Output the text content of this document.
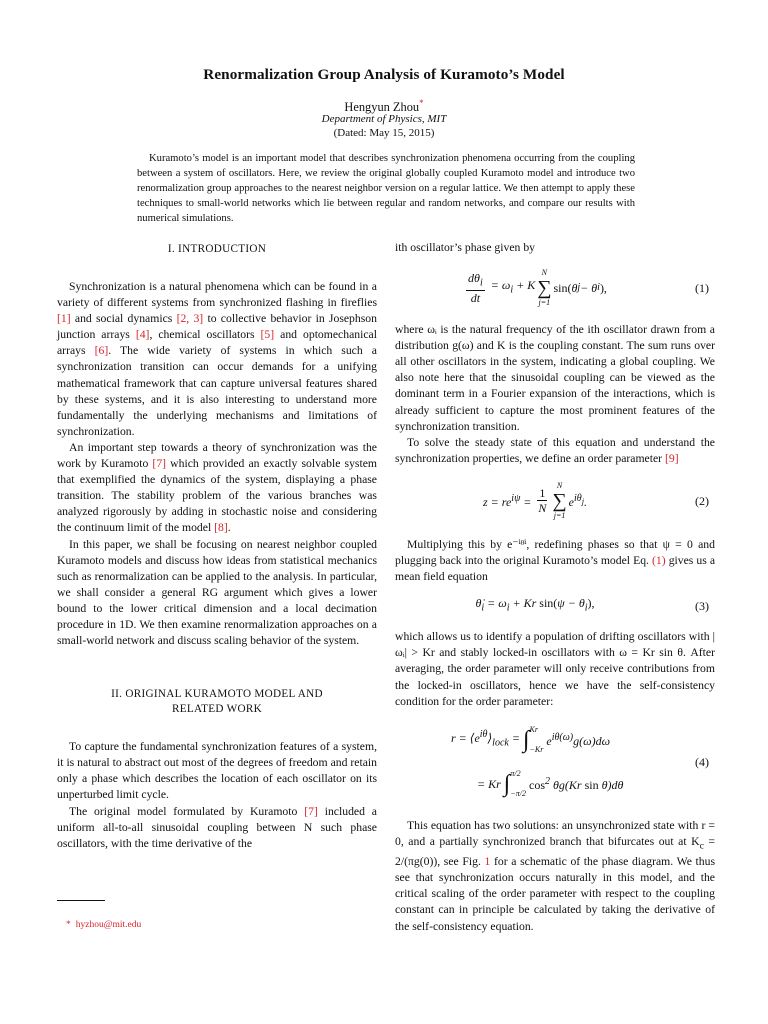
Renormalization Group Analysis of Kuramoto’s Model
Hengyun Zhou*
Department of Physics, MIT
(Dated: May 15, 2015)

Kuramoto’s model is an important model that describes synchronization phenomena occurring from the coupling between a system of oscillators. Here, we review the original globally coupled Kuramoto model and introduce two renormalization group approaches to the nearest neighbor version on a regular lattice. We then attempt to apply these techniques to small-world networks which lie between regular and random networks, and compare our results with numerical simulations.

I. INTRODUCTION

Synchronization is a natural phenomena which can be found in a variety of different systems from synchronized flashing in fireflies [1] and social dynamics [2, 3] to collective behavior in Josephson junction arrays [4], chemical oscillators [5] and optomechanical arrays [6]. The wide variety of systems in which such a synchronization transition can occur demands for a unifying mathematical framework that can capture universal features shared by these systems, and it is also interesting to understand more fundamentally the underlying mechanisms and limitations of synchronization.

An important step towards a theory of synchronization was the work by Kuramoto [7] which provided an exactly solvable system that exemplified the dynamics of the system, displaying a phase transition. The stability problem of the various branches was analyzed rigorously by adding in stochastic noise and considering the continuum limit of the model [8].

In this paper, we shall be focusing on nearest neighbor coupled Kuramoto models and discuss how ideas from statistical mechanics such as renormalization can be applied to the analysis. In particular, we shall consider a general RG argument which gives a lower bound to the lower critical dimension and a local decimation procedure in 1D. We then examine renormalization approaches on a small-world network and discuss scaling behavior of the system.

II. ORIGINAL KURAMOTO MODEL AND
RELATED WORK

To capture the fundamental synchronization features of a system, it is natural to abstract out most of the degrees of freedom and retain only a phase which describes the location of each oscillator on its unperturbed limit cycle.

The original model formulated by Kuramoto [7] included a uniform all-to-all sinusoidal coupling between N such phase oscillators, with the time derivative of the

ith oscillator’s phase given by

$\frac{d\theta_i}{dt} = \omega_i + K$
N
∑
j=1
sin( θ j − θ i ),	(1)

where ωᵢ is the natural frequency of the ith oscillator drawn from a distribution g(ω) and K is the coupling constant. The sum runs over all other oscillators in the system, indicating a global coupling. We also note here that the sinusoidal coupling can be viewed as the dominant term in a Fourier expansion of the interactions, which is already sufficient to capture the most prominent features of the synchronization transition.

To solve the steady state of this equation and understand the synchronization properties, we define an order parameter [9]

$z = re^{i\psi} = \frac{1}{N}$
N
∑
j=1
$e^{i\theta_j}$.	(2)

Multiplying this by e⁻ⁱᶿⁱ, redefining phases so that ψ = 0 and plugging back into the original Kuramoto’s model Eq. (1) gives us a mean field equation

$\thetȧ_i = \omega_i + Kr$ $\sin(\psi - \theta_i)$,	(3)

which allows us to identify a population of drifting oscillators with |ωᵢ| > Kr and stably locked-in oscillators with ω = Kr sin θ. After averaging, the order parameter will only receive contributions from the locked-in oscillators, hence we have the self-consistency condition for the order parameter:

$r = ⟨e^{i\theta}⟩_{lock}$ = ∫ Kr
−Kr
$e^{i\theta(\omega)}g(\omega)d\omega$
= Kr ∫ π/2
−π/2
$\cos^2 \theta g(Kr$ sin θ)dθ
(4)

This equation has two solutions: an unsynchronized state with r = 0, and a partially synchronized branch that bifurcates out at $K_c = 2/(\pi g(0))$, see Fig. 1 for a schematic of the phase diagram. We thus see that synchronization occurs naturally in this model, and the critical scaling of the order parameter with respect to the coupling constant can in principle be calculated by taking the derivative of the self-consistency equation.

* hyzhou@mit.edu
